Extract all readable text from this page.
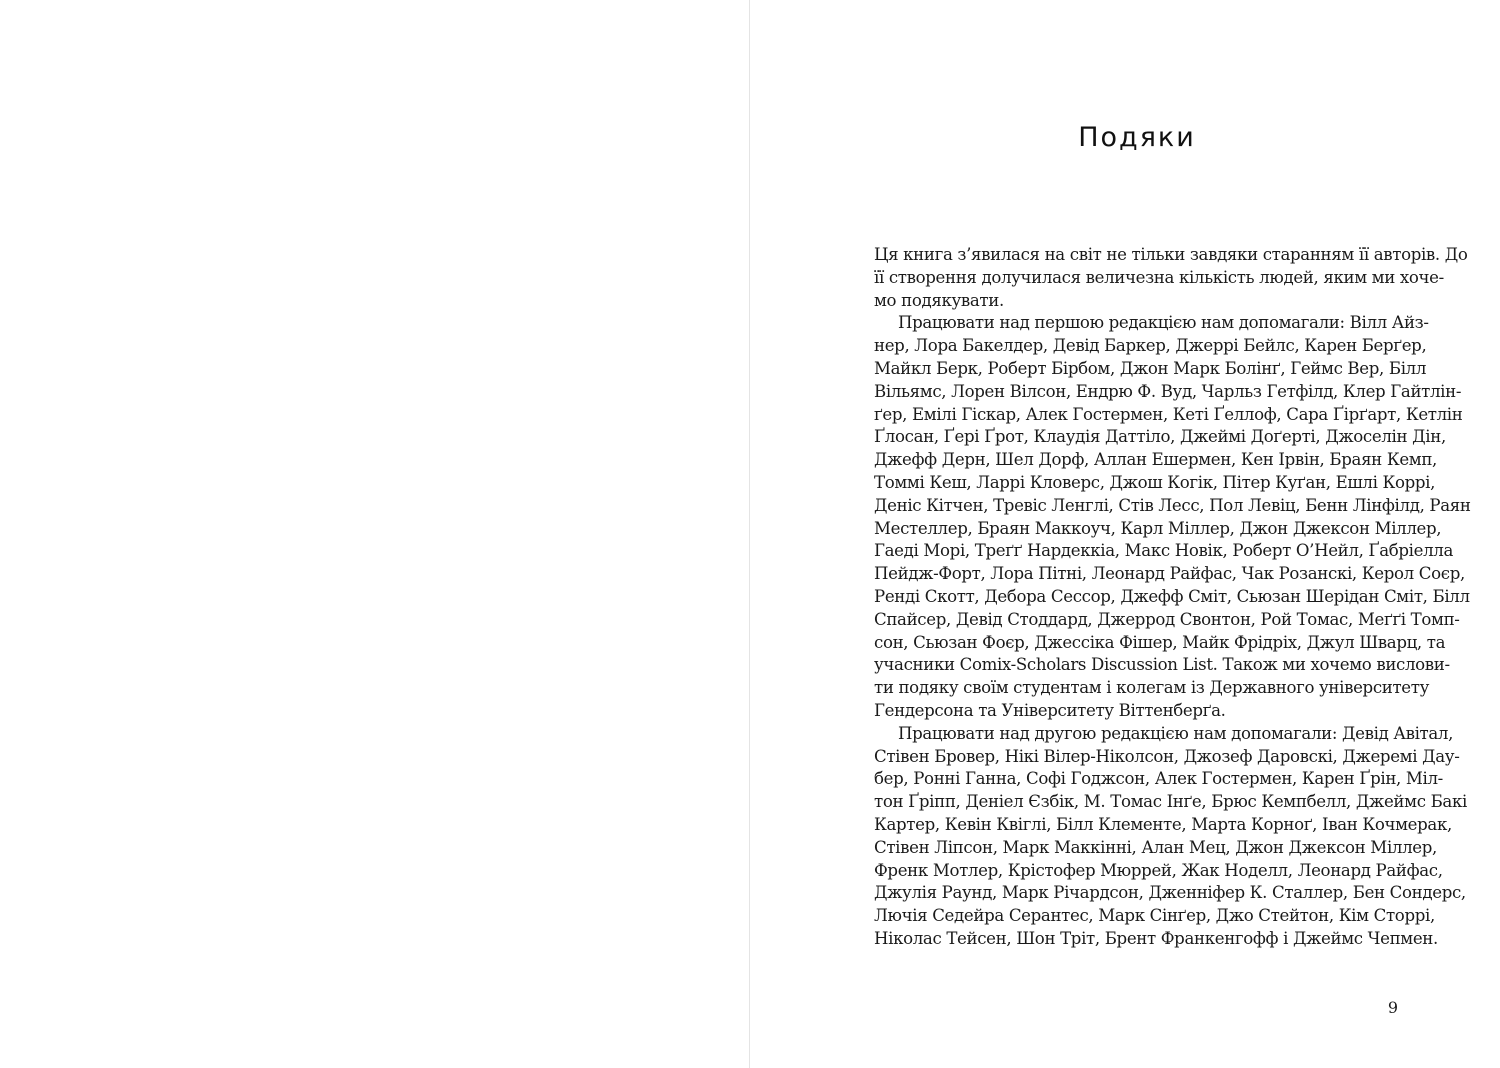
Подяки
Ця книга з’явилася на світ не тільки завдяки старанням її авторів. До
її створення долучилася величезна кількість людей, яким ми хоче-
мо подякувати.
Працювати над першою редакцією нам допомагали: Вілл Айз-
нер, Лора Бакелдер, Девід Баркер, Джеррі Бейлс, Карен Берґер,
Майкл Берк, Роберт Бірбом, Джон Марк Болінґ, Геймс Вер, Білл
Вільямс, Лорен Вілсон, Ендрю Ф. Вуд, Чарльз Гетфілд, Клер Гайтлін-
ґер, Емілі Гіскар, Алек Гостермен, Кеті Ґеллоф, Сара Ґірґарт, Кетлін
Ґлосан, Ґері Ґрот, Клаудія Даттіло, Джеймі Доґерті, Джоселін Дін,
Джефф Дерн, Шел Дорф, Аллан Ешермен, Кен Ірвін, Браян Кемп,
Томмі Кеш, Ларрі Кловерс, Джош Когік, Пітер Куґан, Ешлі Коррі,
Деніс Кітчен, Тревіс Ленглі, Стів Лесс, Пол Левіц, Бенн Лінфілд, Раян
Местеллер, Браян Маккоуч, Карл Міллер, Джон Джексон Міллер,
Гаеді Морі, Треґґ Нардеккіа, Макс Новік, Роберт О’Нейл, Ґабріелла
Пейдж-Форт, Лора Пітні, Леонард Райфас, Чак Розанскі, Керол Соєр,
Ренді Скотт, Дебора Сессор, Джефф Сміт, Сьюзан Шерідан Сміт, Білл
Спайсер, Девід Стоддард, Джеррод Свонтон, Рой Томас, Меґґі Томп-
сон, Сьюзан Фоєр, Джессіка Фішер, Майк Фрідріх, Джул Шварц, та
учасники Comix-Scholars Discussion List. Також ми хочемо вислови-
ти подяку своїм студентам і колегам із Державного університету
Гендерсона та Університету Віттенберґа.
Працювати над другою редакцією нам допомагали: Девід Авітал,
Стівен Бровер, Нікі Вілер-Ніколсон, Джозеф Даровскі, Джеремі Дау-
бер, Ронні Ганна, Софі Годжсон, Алек Гостермен, Карен Ґрін, Міл-
тон Ґріпп, Деніел Єзбік, М. Томас Інґе, Брюс Кемпбелл, Джеймс Бакі
Картер, Кевін Квіглі, Білл Клементе, Марта Корноґ, Іван Кочмерак,
Стівен Ліпсон, Марк Маккінні, Алан Мец, Джон Джексон Міллер,
Френк Мотлер, Крістофер Мюррей, Жак Ноделл, Леонард Райфас,
Джулія Раунд, Марк Річардсон, Дженніфер К. Сталлер, Бен Сондерс,
Лючія Седейра Серантес, Марк Сінґер, Джо Стейтон, Кім Сторрі,
Ніколас Тейсен, Шон Тріт, Брент Франкенгофф і Джеймс Чепмен.
9
